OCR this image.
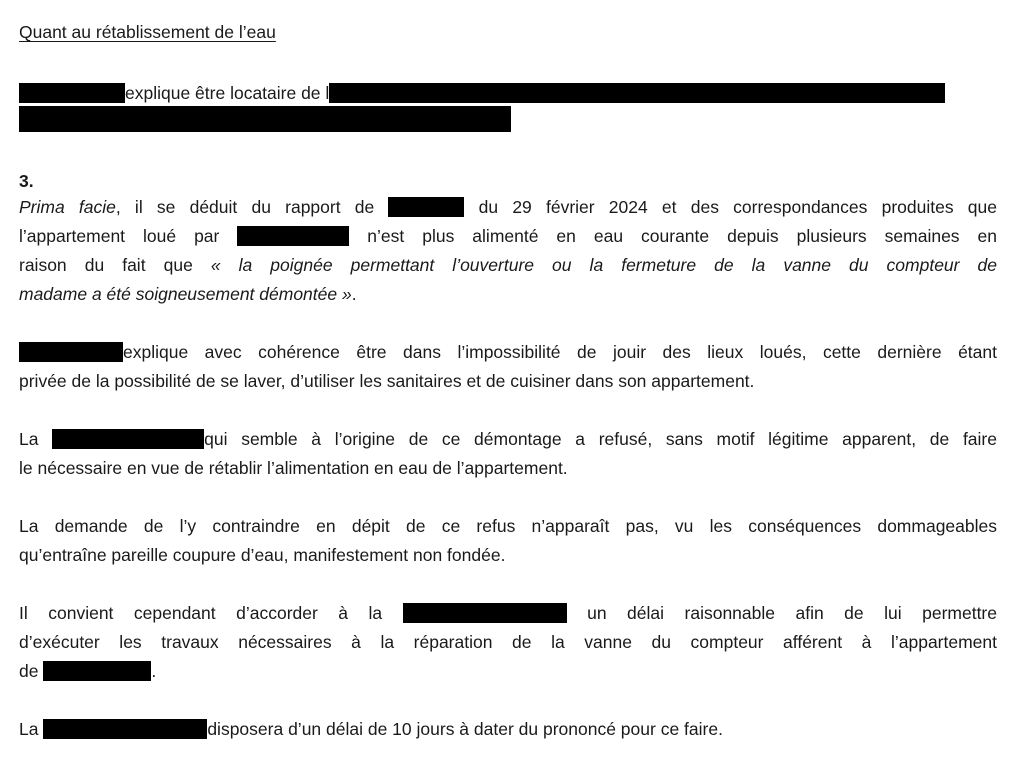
Quant au rétablissement de l’eau
explique être locataire de l
3.
Prima facie, il se déduit du rapport de	du 29 février 2024 et des correspondances produites que
l’appartement loué par	n’est plus alimenté en eau courante depuis plusieurs semaines en
raison du fait que « la poignée permettant l’ouverture ou la fermeture de la vanne du compteur de
madame a été soigneusement démontée ».
explique avec cohérence être dans l’impossibilité de jouir des lieux loués, cette dernière étant
privée de la possibilité de se laver, d’utiliser les sanitaires et de cuisiner dans son appartement.
La	qui semble à l’origine de ce démontage a refusé, sans motif légitime apparent, de faire
le nécessaire en vue de rétablir l’alimentation en eau de l’appartement.
La demande de l’y contraindre en dépit de ce refus n’apparaît pas, vu les conséquences dommageables
qu’entraîne pareille coupure d’eau, manifestement non fondée.
Il convient cependant d’accorder à la	un délai raisonnable afin de lui permettre
d’exécuter les travaux nécessaires à la réparation de la vanne du compteur afférent à l’appartement
de	.
La	disposera d’un délai de 10 jours à dater du prononcé pour ce faire.
